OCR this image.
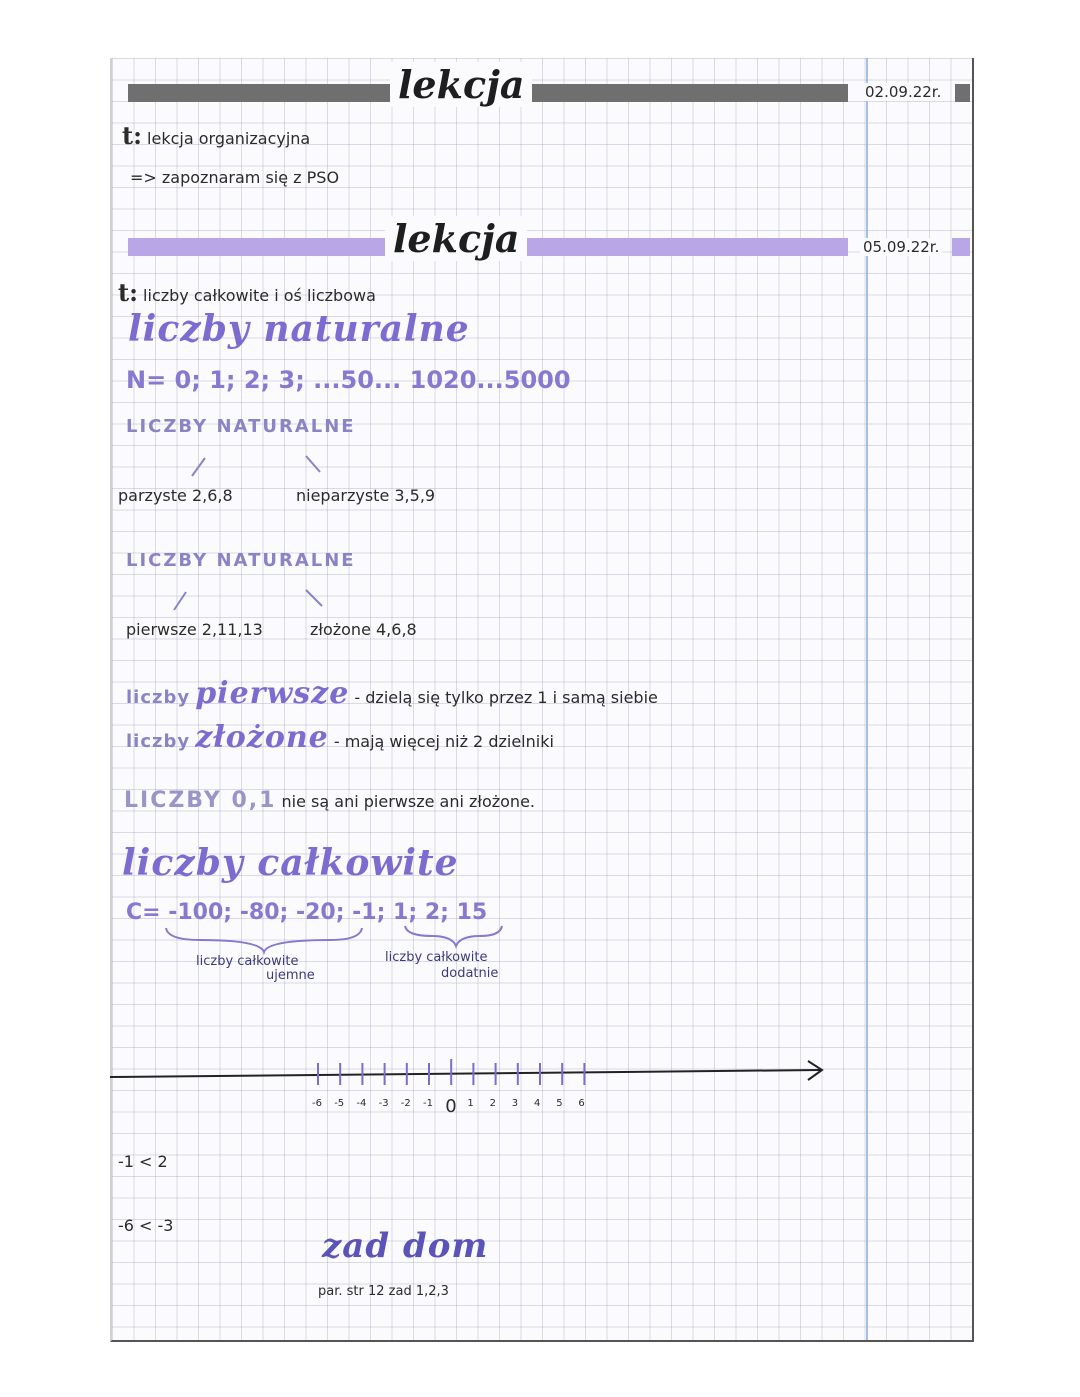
lekcja	02.09.22r.
t: lekcja organizacyjna
=> zapoznaram się z PSO
lekcja	05.09.22r.
t: liczby całkowite i oś liczbowa
liczby naturalne
N= 0; 1; 2; 3; ...50... 1020...5000
LICZBY NATURALNE
parzyste 2,6,8	nieparzyste 3,5,9
LICZBY NATURALNE
pierwsze 2,11,13	złożone 4,6,8
liczby pierwsze - dzielą się tylko przez 1 i samą siebie
liczby złożone - mają więcej niż 2 dzielniki
LICZBY 0,1 nie są ani pierwsze ani złożone.
liczby całkowite
C= -100; -80; -20; -1; 1; 2; 15
liczby całkowite
ujemne
liczby całkowite
dodatnie
-6 -5 -4 -3 -2 -1 0 1 2 3 4 5 6
-1 < 2
-6 < -3
zad dom
par. str 12 zad 1,2,3
